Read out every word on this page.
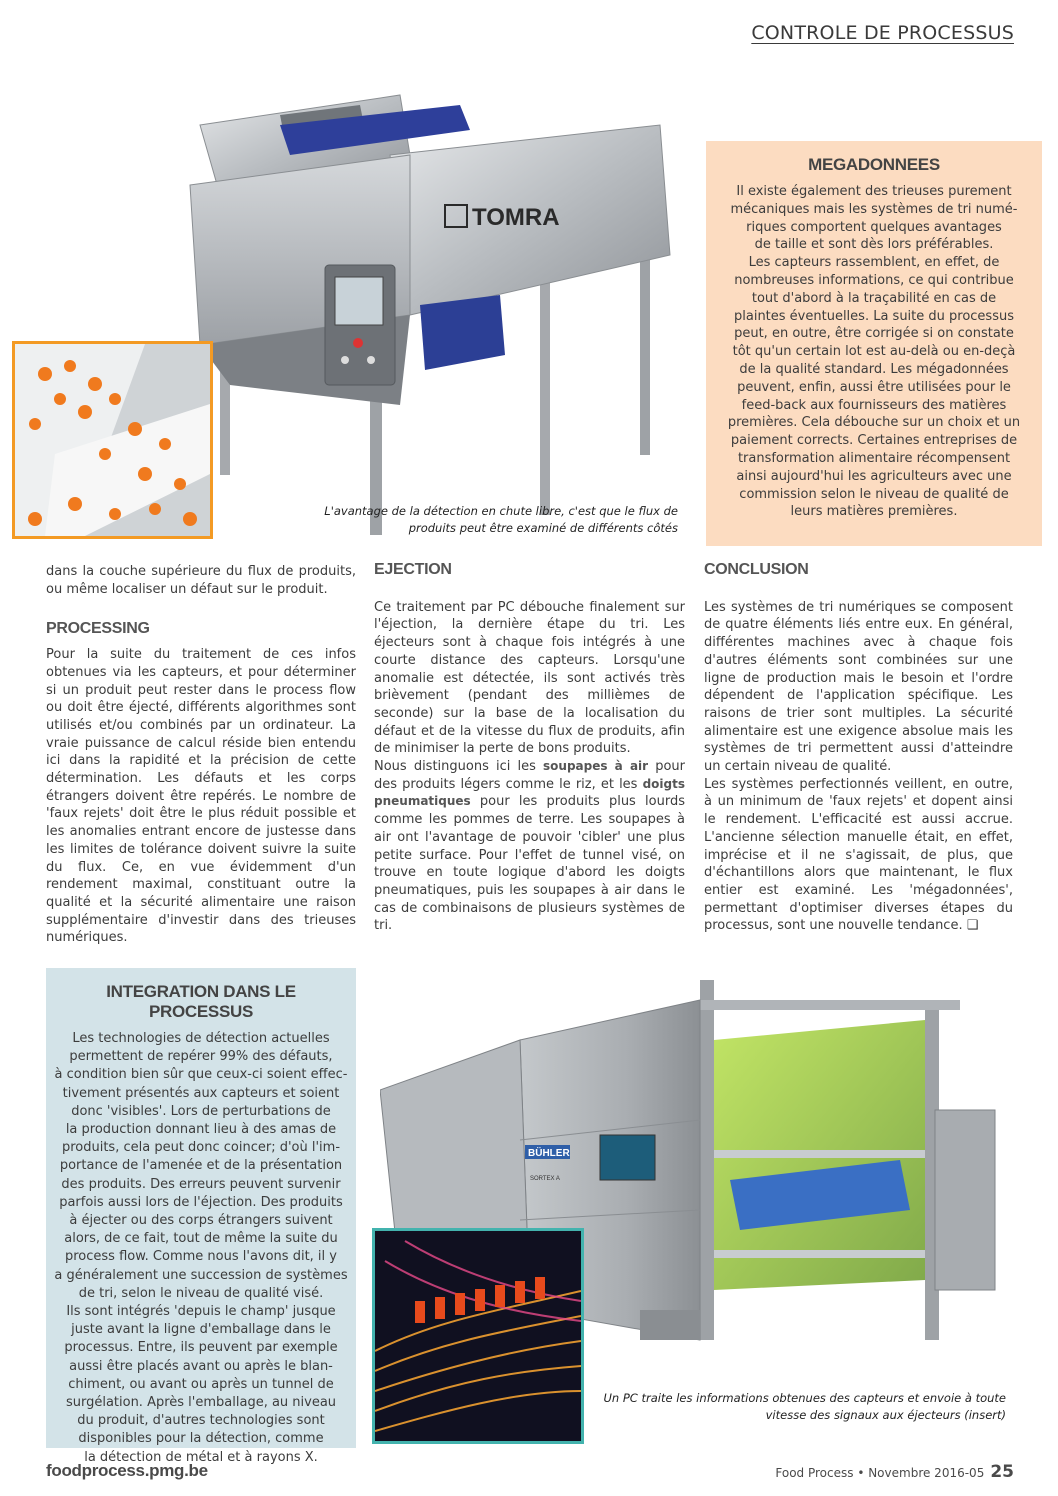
CONTROLE DE PROCESSUS
TOMRA
L'avantage de la détection en chute libre, c'est que le flux de produits peut être examiné de différents côtés
MEGADONNEES

Il existe également des trieuses purement
mécaniques mais les systèmes de tri numé-
riques comportent quelques avantages
de taille et sont dès lors préférables.
Les capteurs rassemblent, en effet, de
nombreuses informations, ce qui contribue
tout d'abord à la traçabilité en cas de
plaintes éventuelles. La suite du processus
peut, en outre, être corrigée si on constate
tôt qu'un certain lot est au-delà ou en-deçà
de la qualité standard. Les mégadonnées
peuvent, enfin, aussi être utilisées pour le
feed-back aux fournisseurs des matières
premières. Cela débouche sur un choix et un
paiement corrects. Certaines entreprises de
transformation alimentaire récompensent
ainsi aujourd'hui les agriculteurs avec une
commission selon le niveau de qualité de
leurs matières premières.

dans la couche supérieure du flux de produits, ou même localiser un défaut sur le produit.

PROCESSING

Pour la suite du traitement de ces infos obtenues via les capteurs, et pour déterminer si un produit peut rester dans le process flow ou doit être éjecté, différents algorithmes sont utilisés et/ou combinés par un ordinateur. La vraie puissance de calcul réside bien entendu ici dans la rapidité et la précision de cette détermination. Les défauts et les corps étrangers doivent être repérés. Le nombre de 'faux rejets' doit être le plus réduit possible et les anomalies entrant encore de justesse dans les limites de tolérance doivent suivre la suite du flux. Ce, en vue évidemment d'un rendement maximal, constituant outre la qualité et la sécurité alimentaire une raison supplémentaire d'investir dans des trieuses numériques.

EJECTION

Ce traitement par PC débouche finalement sur l'éjection, la dernière étape du tri. Les éjecteurs sont à chaque fois intégrés à une courte distance des capteurs. Lorsqu'une anomalie est détectée, ils sont activés très brièvement (pendant des millièmes de seconde) sur la base de la localisation du défaut et de la vitesse du flux de produits, afin de minimiser la perte de bons produits.

Nous distinguons ici les soupapes à air pour des produits légers comme le riz, et les doigts pneumatiques pour les produits plus lourds comme les pommes de terre. Les soupapes à air ont l'avantage de pouvoir 'cibler' une plus petite surface. Pour l'effet de tunnel visé, on trouve en toute logique d'abord les doigts pneumatiques, puis les soupapes à air dans le cas de combinaisons de plusieurs systèmes de tri.

CONCLUSION

Les systèmes de tri numériques se composent de quatre éléments liés entre eux. En général, différentes machines avec à chaque fois d'autres éléments sont combinées sur une ligne de production mais le besoin et l'ordre dépendent de l'application spécifique. Les raisons de trier sont multiples. La sécurité alimentaire est une exigence absolue mais les systèmes de tri permettent aussi d'atteindre un certain niveau de qualité.

Les systèmes perfectionnés veillent, en outre, à un minimum de 'faux rejets' et dopent ainsi le rendement. L'efficacité est aussi accrue. L'ancienne sélection manuelle était, en effet, imprécise et il ne s'agissait, de plus, que d'échantillons alors que maintenant, le flux entier est examiné. Les 'mégadonnées', permettant d'optimiser diverses étapes du processus, sont une nouvelle tendance. ❑

INTEGRATION DANS LE PROCESSUS

Les technologies de détection actuelles
permettent de repérer 99% des défauts,
à condition bien sûr que ceux-ci soient effec-
tivement présentés aux capteurs et soient
donc 'visibles'. Lors de perturbations de
la production donnant lieu à des amas de
produits, cela peut donc coincer; d'où l'im-
portance de l'amenée et de la présentation
des produits. Des erreurs peuvent survenir
parfois aussi lors de l'éjection. Des produits
à éjecter ou des corps étrangers suivent
alors, de ce fait, tout de même la suite du
process flow. Comme nous l'avons dit, il y
a généralement une succession de systèmes
de tri, selon le niveau de qualité visé.
Ils sont intégrés 'depuis le champ' jusque
juste avant la ligne d'emballage dans le
processus. Entre, ils peuvent par exemple
aussi être placés avant ou après le blan-
chiment, ou avant ou après un tunnel de
surgélation. Après l'emballage, au niveau
du produit, d'autres technologies sont
disponibles pour la détection, comme
la détection de métal et à rayons X.

BÜHLER
SORTEX A
Un PC traite les informations obtenues des capteurs et envoie à toute vitesse des signaux aux éjecteurs (insert)
foodprocess.pmg.be	Food Process • Novembre 2016-05 25
